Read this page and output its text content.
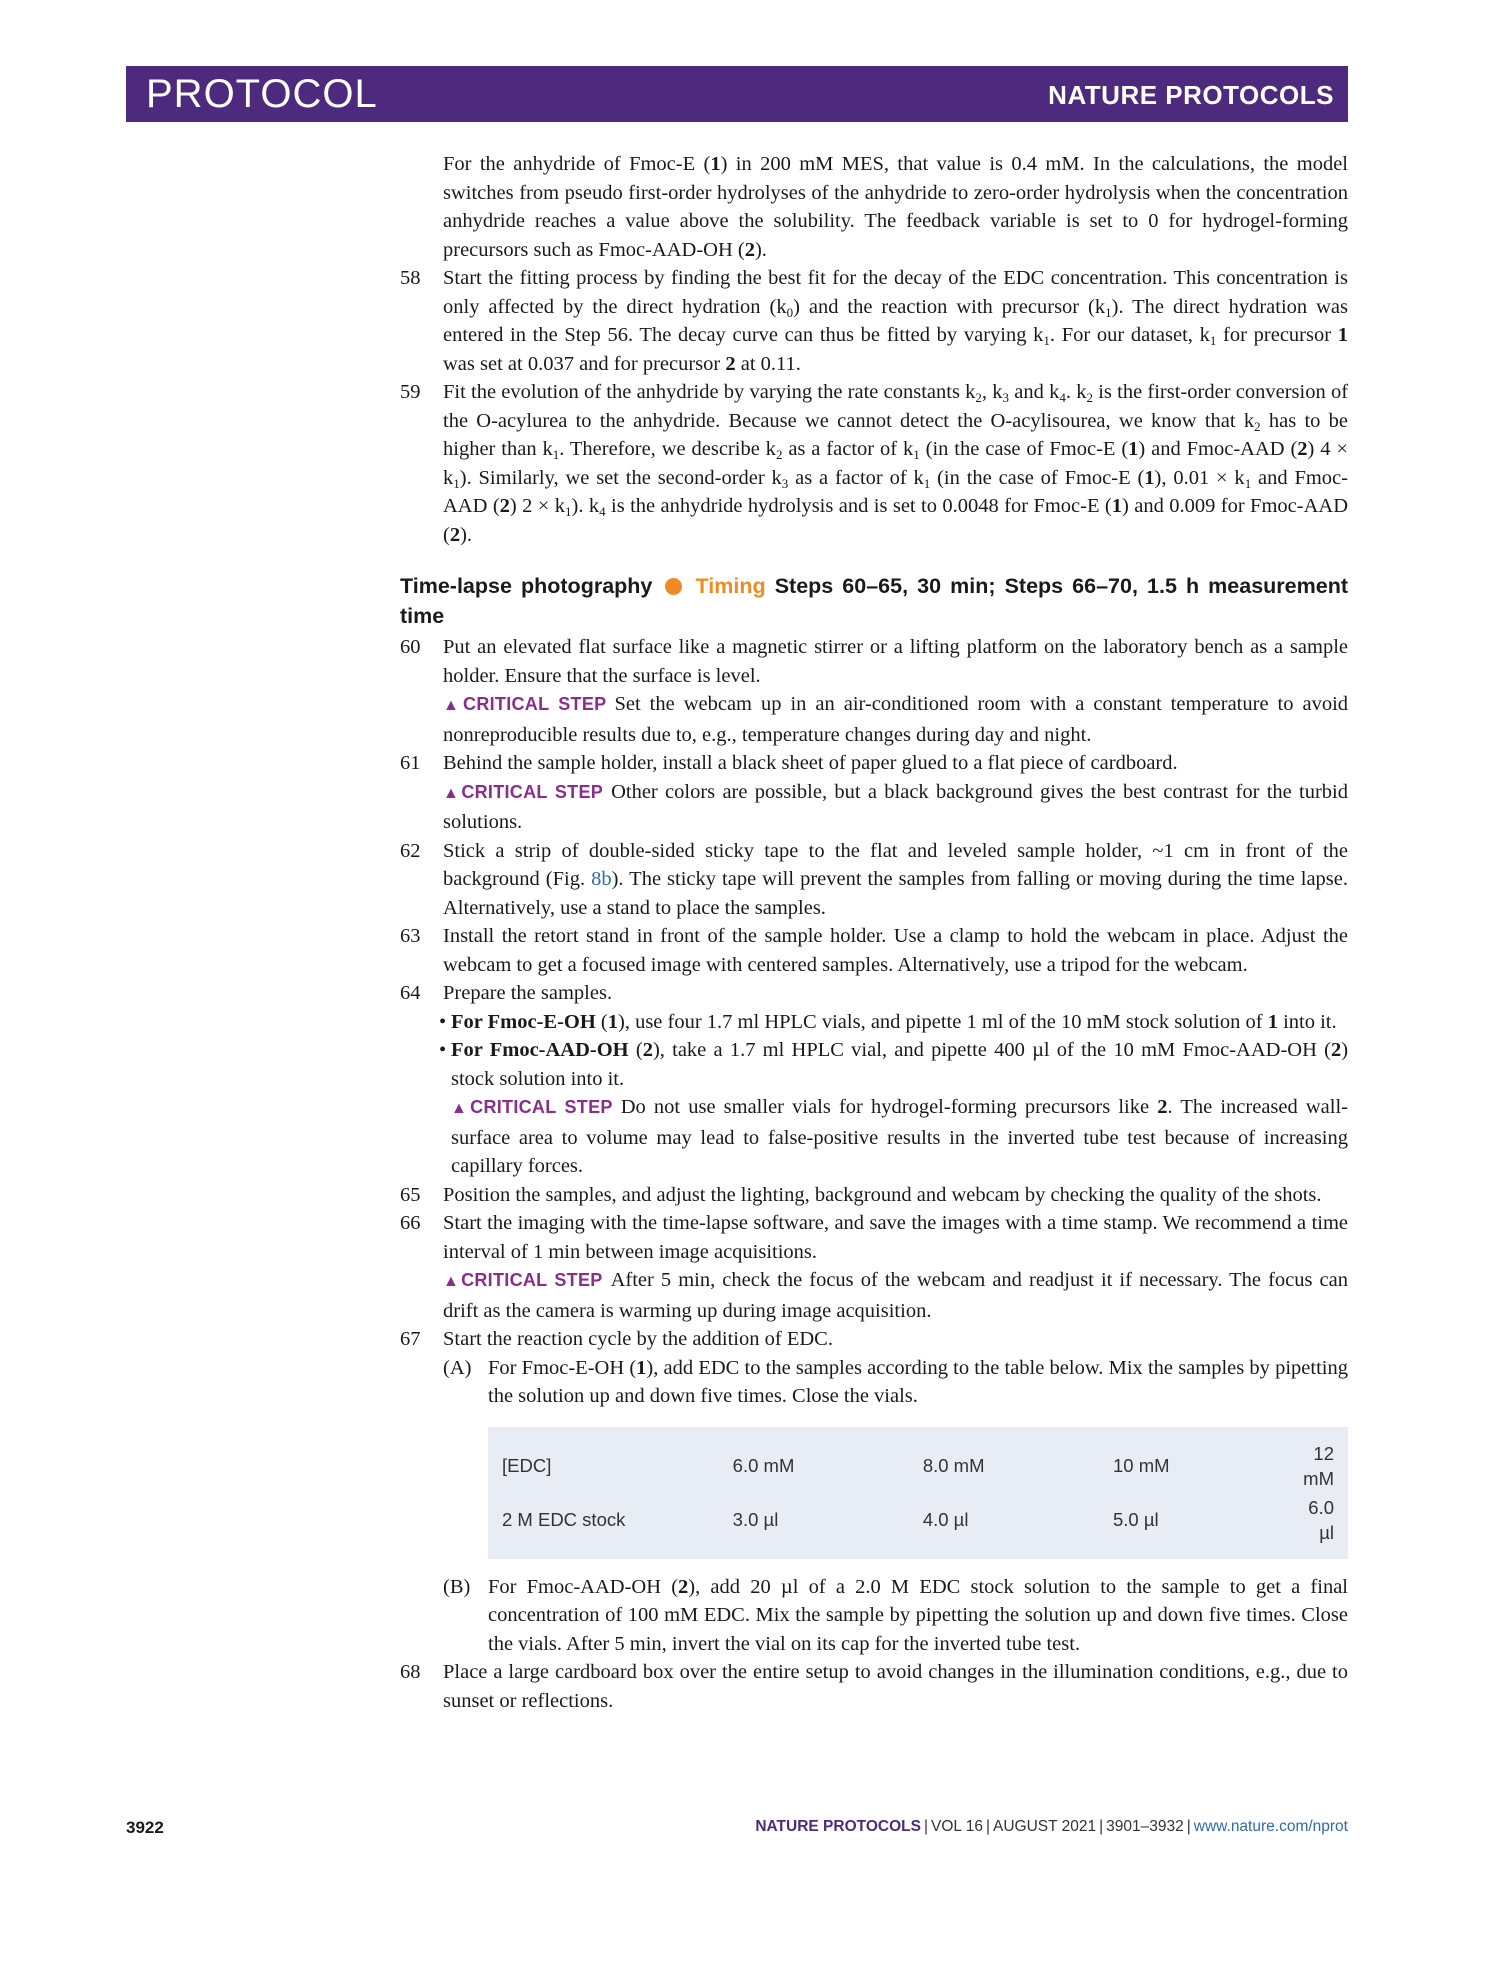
PROTOCOL	NATURE PROTOCOLS

For the anhydride of Fmoc-E (1) in 200 mM MES, that value is 0.4 mM. In the calculations, the model switches from pseudo first-order hydrolyses of the anhydride to zero-order hydrolysis when the concentration anhydride reaches a value above the solubility. The feedback variable is set to 0 for hydrogel-forming precursors such as Fmoc-AAD-OH (2).

58	Start the fitting process by finding the best fit for the decay of the EDC concentration. This concentration is only affected by the direct hydration $(k_0)$ and the reaction with precursor $(k_1)$. The direct hydration was entered in the Step 56. The decay curve can thus be fitted by varying $k_1$. For our dataset, $k_1$ for precursor 1 was set at 0.037 and for precursor 2 at 0.11.
59	Fit the evolution of the anhydride by varying the rate constants $k_2$, $k_3$ and $k_4$. $k_2$ is the first-order conversion of the O-acylurea to the anhydride. Because we cannot detect the O-acylisourea, we know that $k_2$ has to be higher than $k_1$. Therefore, we describe $k_2$ as a factor of $k_1$ (in the case of Fmoc-E (1) and Fmoc-AAD (2) $4 \times k_1$). Similarly, we set the second-order $k_3$ as a factor of $k_1$ (in the case of Fmoc-E (1), $0.01 \times k_1$ and Fmoc-AAD (2) $2 \times k_1$). $k_4$ is the anhydride hydrolysis and is set to 0.0048 for Fmoc-E (1) and 0.009 for Fmoc-AAD (2).
Time-lapse photography Timing Steps 60–65, 30 min; Steps 66–70, 1.5 h measurement time
60	Put an elevated flat surface like a magnetic stirrer or a lifting platform on the laboratory bench as a sample holder. Ensure that the surface is level.
▲CRITICAL STEP Set the webcam up in an air-conditioned room with a constant temperature to avoid nonreproducible results due to, e.g., temperature changes during day and night.
61	Behind the sample holder, install a black sheet of paper glued to a flat piece of cardboard.
▲CRITICAL STEP Other colors are possible, but a black background gives the best contrast for the turbid solutions.
62	Stick a strip of double-sided sticky tape to the flat and leveled sample holder, ~1 cm in front of the background (Fig. 8b). The sticky tape will prevent the samples from falling or moving during the time lapse. Alternatively, use a stand to place the samples.
63	Install the retort stand in front of the sample holder. Use a clamp to hold the webcam in place. Adjust the webcam to get a focused image with centered samples. Alternatively, use a tripod for the webcam.
64	Prepare the samples.
• For Fmoc-E-OH (1), use four 1.7 ml HPLC vials, and pipette 1 ml of the 10 mM stock solution of 1 into it.
• For Fmoc-AAD-OH (2), take a 1.7 ml HPLC vial, and pipette 400 µl of the 10 mM Fmoc-AAD-OH (2) stock solution into it.
▲CRITICAL STEP Do not use smaller vials for hydrogel-forming precursors like 2. The increased wall-surface area to volume may lead to false-positive results in the inverted tube test because of increasing capillary forces.
65	Position the samples, and adjust the lighting, background and webcam by checking the quality of the shots.
66	Start the imaging with the time-lapse software, and save the images with a time stamp. We recommend a time interval of 1 min between image acquisitions.
▲CRITICAL STEP After 5 min, check the focus of the webcam and readjust it if necessary. The focus can drift as the camera is warming up during image acquisition.
67	Start the reaction cycle by the addition of EDC.
(A) For Fmoc-E-OH (1), add EDC to the samples according to the table below. Mix the samples by pipetting the solution up and down five times. Close the vials.
[EDC]	6.0 mM	8.0 mM	10 mM	12 mM
2 M EDC stock	3.0 µl	4.0 µl	5.0 µl	6.0 µl
(B) For Fmoc-AAD-OH (2), add 20 µl of a 2.0 M EDC stock solution to the sample to get a final concentration of 100 mM EDC. Mix the sample by pipetting the solution up and down five times. Close the vials. After 5 min, invert the vial on its cap for the inverted tube test.
68	Place a large cardboard box over the entire setup to avoid changes in the illumination conditions, e.g., due to sunset or reflections.
3922	NATURE PROTOCOLS | VOL 16 | AUGUST 2021 | 3901–3932 | www.nature.com/nprot
